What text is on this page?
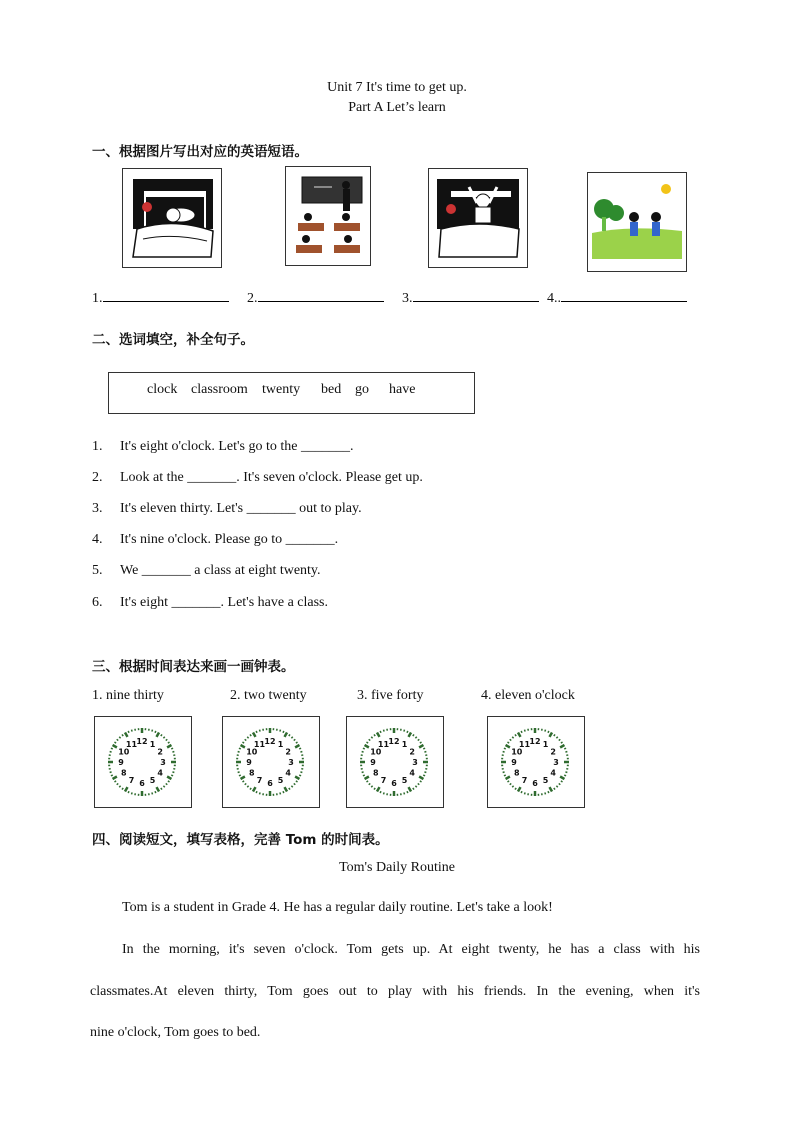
Unit 7 It's time to get up.
Part A Let’s learn
一、根据图片写出对应的英语短语。
1.	2.	3.	4..
二、选词填空，补全句子。
clock classroom twenty bed go have
1. It's eight o'clock. Let's go to the _______.
2. Look at the _______. It's seven o'clock. Please get up.
3. It's eleven thirty. Let's _______ out to play.
4. It's nine o'clock. Please go to _______.
5. We _______ a class at eight twenty.
6. It's eight _______. Let's have a class.
三、根据时间表达来画一画钟表。
1. nine thirty	2. two twenty	3. five forty	4. eleven o'clock
12 1
2
3
4
5
6
7
8
9
10
11	12 1
2
3
4
5
6
7
8
9
10
11	12 1
2
3
4
5
6
7
8
9
10
11	12 1
2
3
4
5
6
7
8
9
10
11
四、阅读短文，填写表格，完善 Tom 的时间表。
Tom's Daily Routine
Tom is a student in Grade 4. He has a regular daily routine. Let's take a look!
In the morning, it's seven o'clock. Tom gets up. At eight twenty, he has a class with his
classmates.At eleven thirty, Tom goes out to play with his friends. In the evening, when it's
nine o'clock, Tom goes to bed.
